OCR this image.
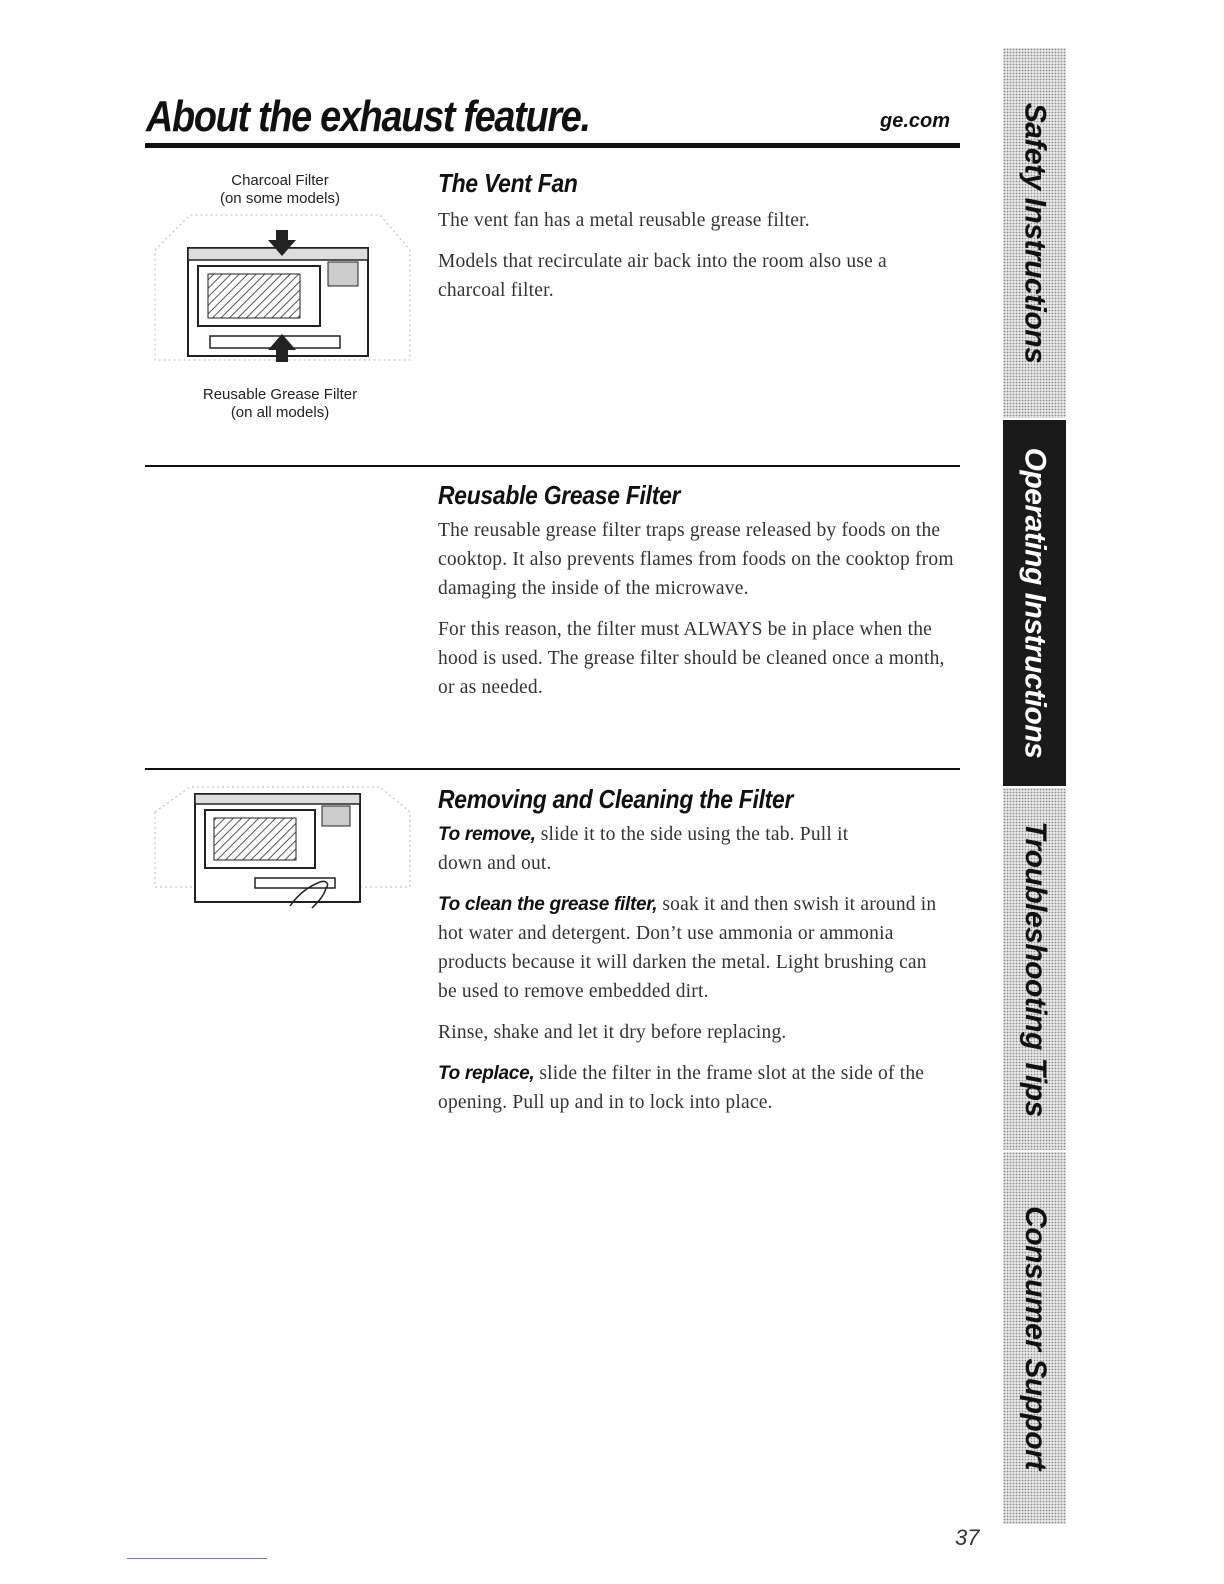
About the exhaust feature.	ge.com
Charcoal Filter
(on some models)
Reusable Grease Filter
(on all models)
The Vent Fan

The vent fan has a metal reusable grease filter.

Models that recirculate air back into the room also use a charcoal filter.

Reusable Grease Filter

The reusable grease filter traps grease released by foods on the cooktop. It also prevents flames from foods on the cooktop from damaging the inside of the microwave.

For this reason, the filter must ALWAYS be in place when the hood is used. The grease filter should be cleaned once a month, or as needed.

Removing and Cleaning the Filter

To remove, slide it to the side using the tab. Pull it down and out.

To clean the grease filter, soak it and then swish it around in hot water and detergent. Don’t use ammonia or ammonia products because it will darken the metal. Light brushing can be used to remove embedded dirt.

Rinse, shake and let it dry before replacing.

To replace, slide the filter in the frame slot at the side of the opening. Pull up and in to lock into place.

Safety Instructions
Operating Instructions
Troubleshooting Tips
Consumer Support
37
